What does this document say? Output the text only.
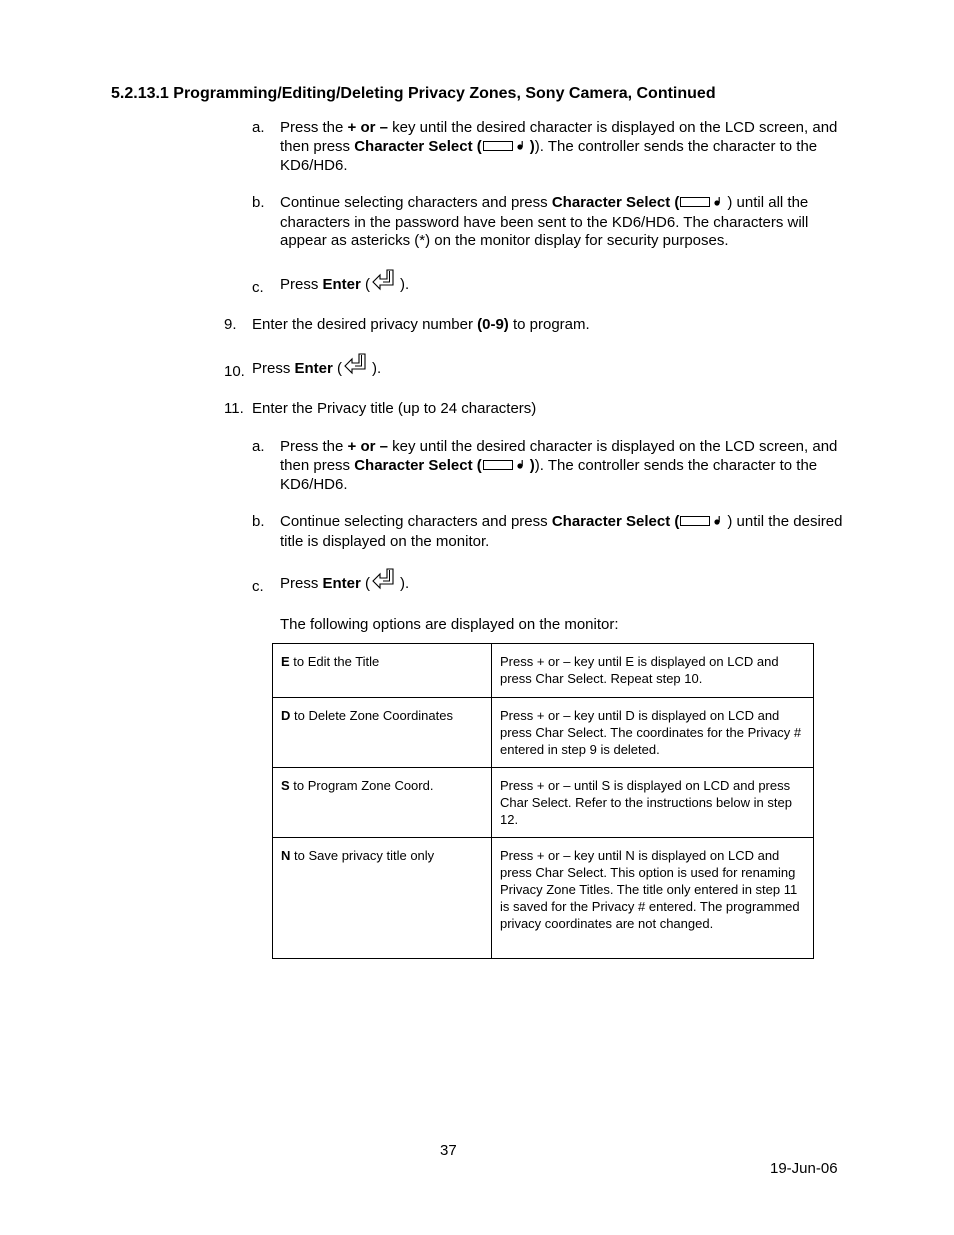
5.2.13.1 Programming/Editing/Deleting Privacy Zones, Sony Camera, Continued
a. Press the + or – key until the desired character is displayed on the LCD screen, and then press Character Select (	)). The controller sends the character to the KD6/HD6.
b. Continue selecting characters and press Character Select (	) until all the characters in the password have been sent to the KD6/HD6. The characters will appear as astericks (*) on the monitor display for security purposes.
c. Press Enter ( ).
9. Enter the desired privacy number (0-9) to program.
10. Press Enter ( ).
11. Enter the Privacy title (up to 24 characters)
a. Press the + or – key until the desired character is displayed on the LCD screen, and then press Character Select (	)). The controller sends the character to the KD6/HD6.
b. Continue selecting characters and press Character Select (	) until the desired title is displayed on the monitor.
c. Press Enter ( ).
The following options are displayed on the monitor:
E to Edit the Title	Press + or – key until E is displayed on LCD and press Char Select. Repeat step 10.
D to Delete Zone Coordinates	Press + or – key until D is displayed on LCD and press Char Select. The coordinates for the Privacy # entered in step 9 is deleted.
S to Program Zone Coord.	Press + or – until S is displayed on LCD and press Char Select. Refer to the instructions below in step 12.
N to Save privacy title only	Press + or – key until N is displayed on LCD and press Char Select. This option is used for renaming Privacy Zone Titles. The title only entered in step 11 is saved for the Privacy # entered. The programmed privacy coordinates are not changed.
37
19-Jun-06
